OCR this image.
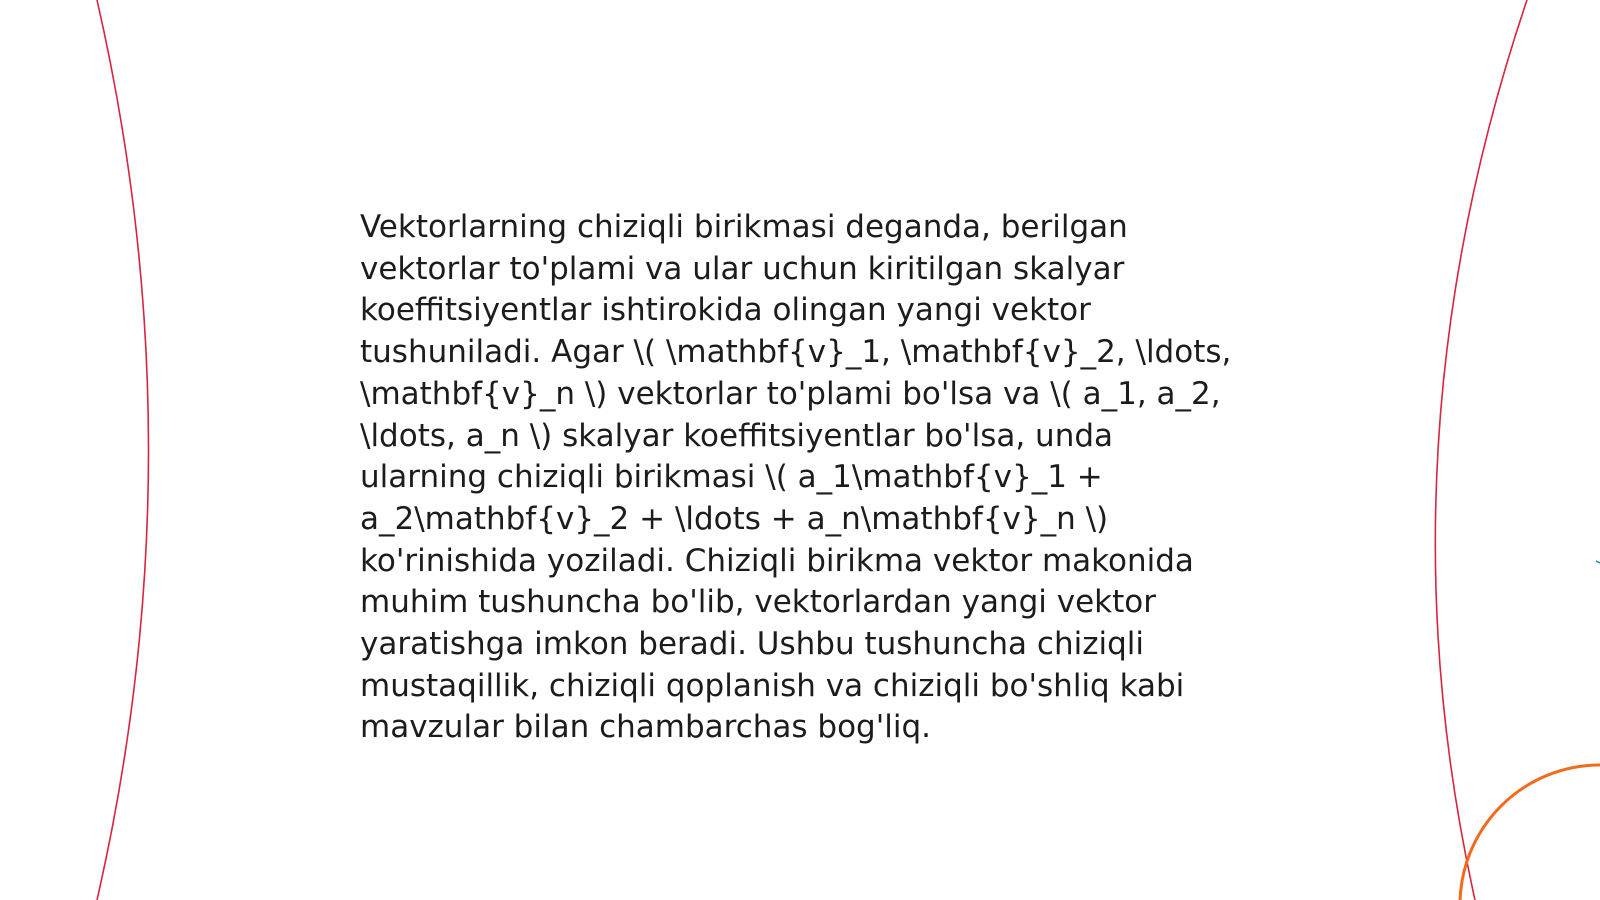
Vektorlarning chiziqli birikmasi deganda, berilgan vektorlar to'plami va ular uchun kiritilgan skalyar koeffitsiyentlar ishtirokida olingan yangi vektor tushuniladi. Agar \( \mathbf{v}_1, \mathbf{v}_2, \ldots, \mathbf{v}_n \) vektorlar to'plami bo'lsa va \( a_1, a_2, \ldots, a_n \) skalyar koeffitsiyentlar bo'lsa, unda ularning chiziqli birikmasi \( a_1\mathbf{v}_1 + a_2\mathbf{v}_2 + \ldots + a_n\mathbf{v}_n \) ko'rinishida yoziladi. Chiziqli birikma vektor makonida muhim tushuncha bo'lib, vektorlardan yangi vektor yaratishga imkon beradi. Ushbu tushuncha chiziqli mustaqillik, chiziqli qoplanish va chiziqli bo'shliq kabi mavzular bilan chambarchas bog'liq.
